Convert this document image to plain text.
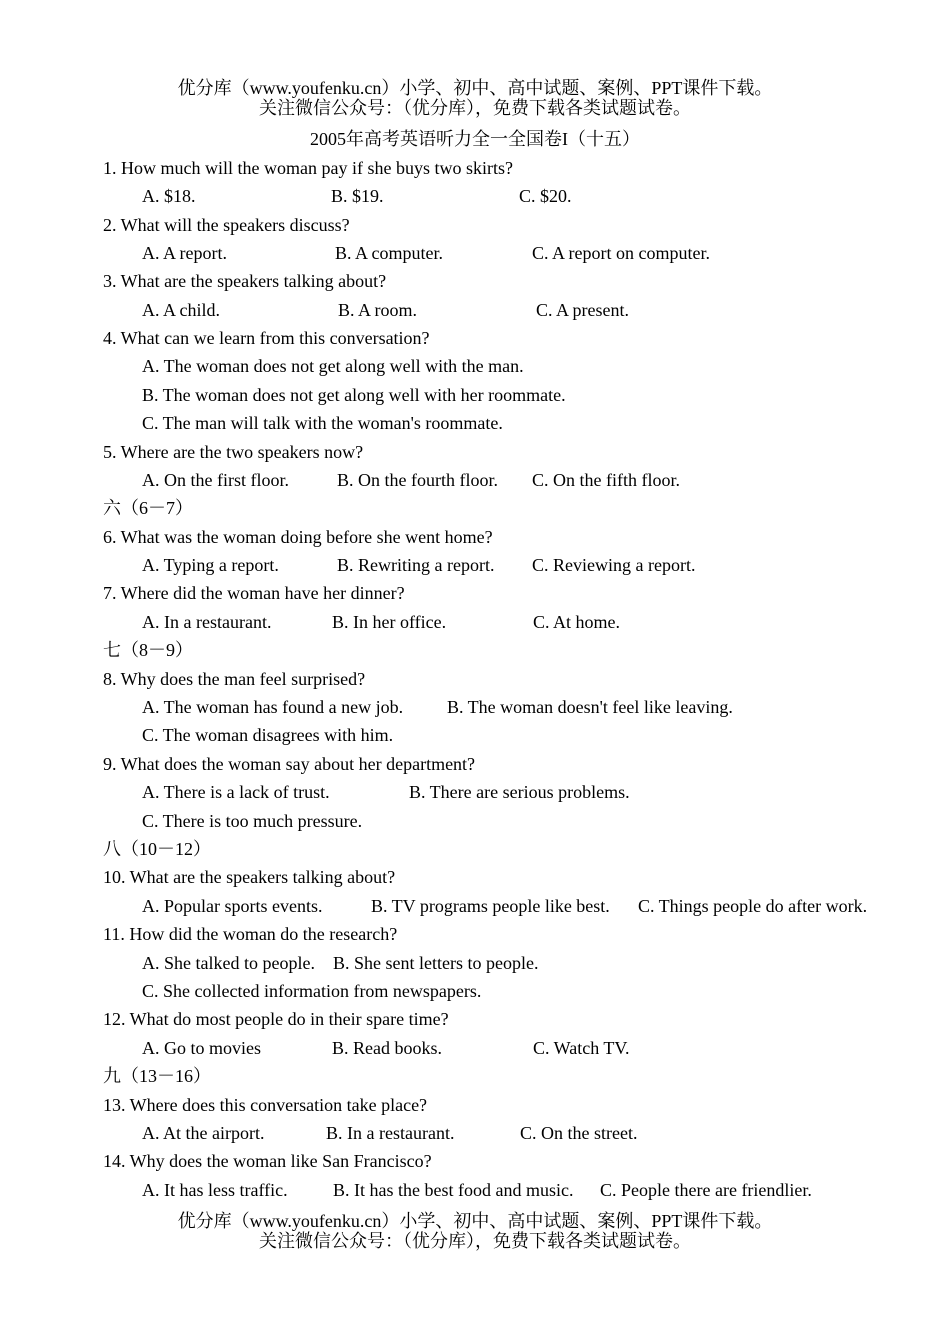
优分库（www.youfenku.cn）小学、初中、高中试题、案例、PPT课件下载。
关注微信公众号：（优分库），免费下载各类试题试卷。
2005年高考英语听力全一全国卷I（十五）
1. How much will the woman pay if she buys two skirts?
A. $18.	B. $19.	C. $20.
2. What will the speakers discuss?
A. A report.	B. A computer.	C. A report on computer.
3. What are the speakers talking about?
A. A child.	B. A room.	C. A present.
4. What can we learn from this conversation?
A. The woman does not get along well with the man.
B. The woman does not get along well with her roommate.
C. The man will talk with the woman's roommate.
5. Where are the two speakers now?
A. On the first floor.	B. On the fourth floor. C. On the fifth floor.
六（6－7）
6. What was the woman doing before she went home?
A. Typing a report.	B. Rewriting a report. C. Reviewing a report.
7. Where did the woman have her dinner?
A. In a restaurant.	B. In her office.	C. At home.
七（8－9）
8. Why does the man feel surprised?
A. The woman has found a new job. B. The woman doesn't feel like leaving.
C. The woman disagrees with him.
9. What does the woman say about her department?
A. There is a lack of trust.	B. There are serious problems.
C. There is too much pressure.
八（10－12）
10. What are the speakers talking about?
A. Popular sports events.	B. TV programs people like best. C. Things people do after work.
11. How did the woman do the research?
A. She talked to people. B. She sent letters to people.
C. She collected information from newspapers.
12. What do most people do in their spare time?
A. Go to movies	B. Read books.	C. Watch TV.
九（13－16）
13. Where does this conversation take place?
A. At the airport.	B. In a restaurant.	C. On the street.
14. Why does the woman like San Francisco?
A. It has less traffic.	B. It has the best food and music. C. People there are friendlier.
优分库（www.youfenku.cn）小学、初中、高中试题、案例、PPT课件下载。
关注微信公众号：（优分库），免费下载各类试题试卷。
